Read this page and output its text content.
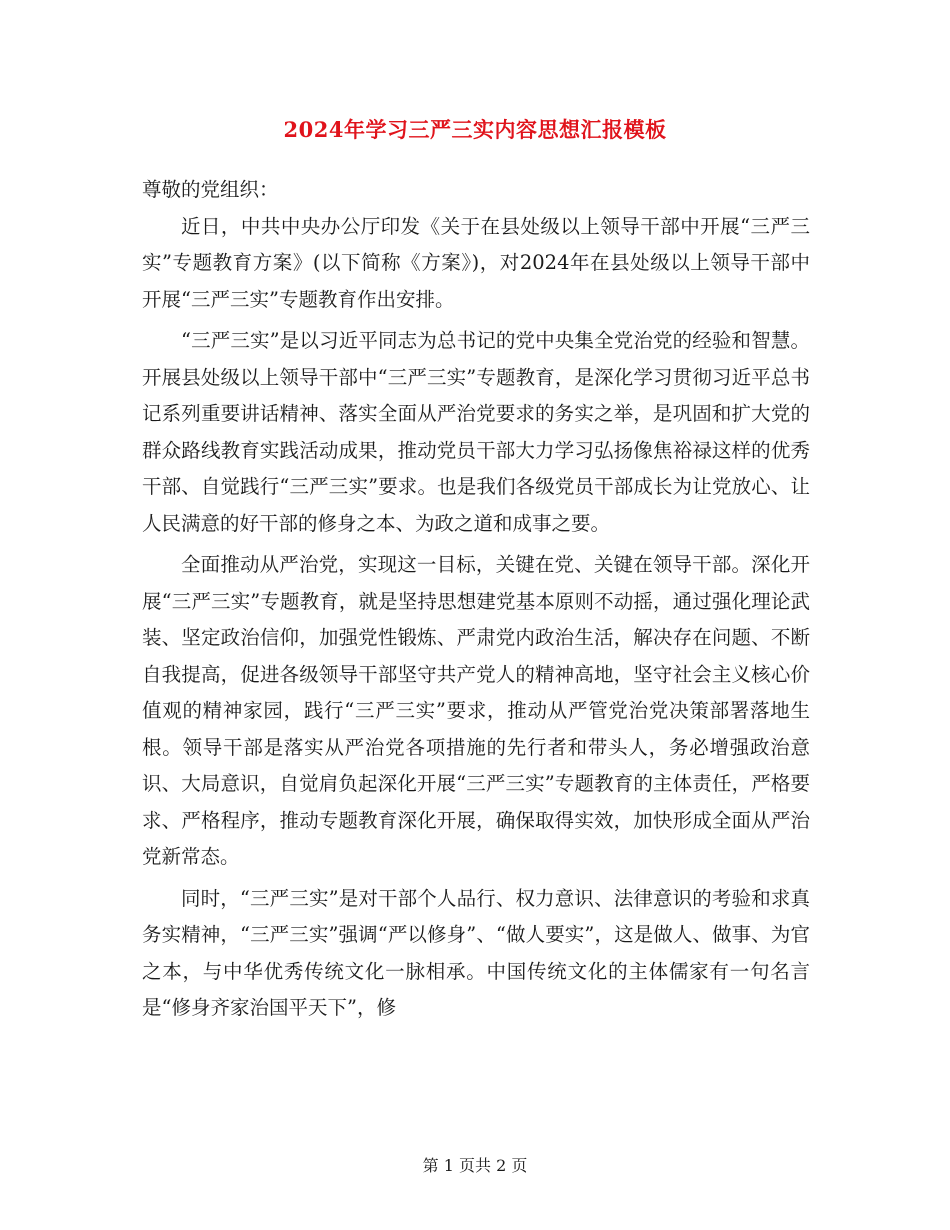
2024年学习三严三实内容思想汇报模板

尊敬的党组织：

近日，中共中央办公厅印发《关于在县处级以上领导干部中开展“三严三实”专题教育方案》(以下简称《方案》)，对2024年在县处级以上领导干部中开展“三严三实”专题教育作出安排。

“三严三实”是以习近平同志为总书记的党中央集全党治党的经验和智慧。开展县处级以上领导干部中“三严三实”专题教育，是深化学习贯彻习近平总书记系列重要讲话精神、落实全面从严治党要求的务实之举，是巩固和扩大党的群众路线教育实践活动成果，推动党员干部大力学习弘扬像焦裕禄这样的优秀干部、自觉践行“三严三实”要求。也是我们各级党员干部成长为让党放心、让人民满意的好干部的修身之本、为政之道和成事之要。

全面推动从严治党，实现这一目标，关键在党、关键在领导干部。深化开展“三严三实”专题教育，就是坚持思想建党基本原则不动摇，通过强化理论武装、坚定政治信仰，加强党性锻炼、严肃党内政治生活，解决存在问题、不断自我提高，促进各级领导干部坚守共产党人的精神高地，坚守社会主义核心价值观的精神家园，践行“三严三实”要求，推动从严管党治党决策部署落地生根。领导干部是落实从严治党各项措施的先行者和带头人，务必增强政治意识、大局意识，自觉肩负起深化开展“三严三实”专题教育的主体责任，严格要求、严格程序，推动专题教育深化开展，确保取得实效，加快形成全面从严治党新常态。

同时，“三严三实”是对干部个人品行、权力意识、法律意识的考验和求真务实精神，“三严三实”强调“严以修身”、“做人要实”，这是做人、做事、为官之本，与中华优秀传统文化一脉相承。中国传统文化的主体儒家有一句名言是“修身齐家治国平天下”，修

第 1 页共 2 页
